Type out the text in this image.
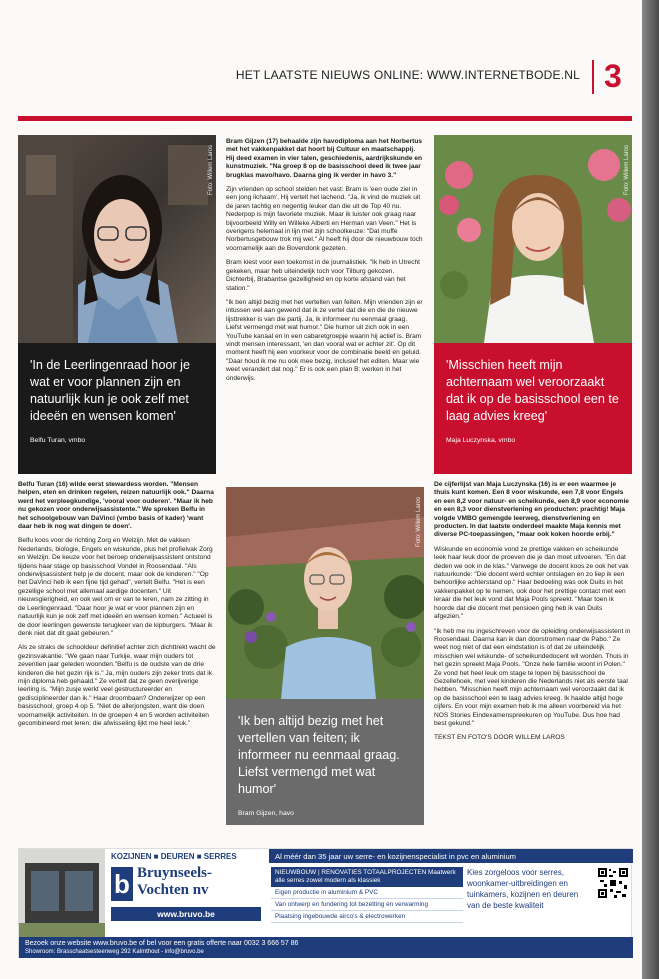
HET LAATSTE NIEUWS ONLINE: WWW.INTERNETBODE.NL 3
Foto: Willem Laros
'In de Leerlingenraad hoor je wat er voor plannen zijn en natuurlijk kun je ook zelf met ideeën en wensen komen'
Belfu Turan, vmbo

Belfu Turan (16) wilde eerst stewardess worden. "Mensen helpen, eten en drinken regelen, reizen natuurlijk ook." Daarna werd het verpleegkundige, 'vooral voor ouderen'. "Maar ik heb nu gekozen voor onderwijsassistente." We spreken Belfu in het schoolgebouw van DaVinci (vmbo basis of kader) 'want daar heb ik nog wat dingen te doen'.

Belfu koos voor de richting Zorg en Welzijn. Met de vakken Nederlands, biologie, Engels en wiskunde, plus het profielvak Zorg en Welzijn. De keuze voor het beroep onderwijsassistent ontstond tijdens haar stage op basisschool Vondel in Roosendaal. "Als onderwijsassistent help je de docent, maar ook de kinderen." "Op het DaVinci heb ik een fijne tijd gehad", vertelt Belfu. "Het is een gezellige school met allemaal aardige docenten." Uit nieuwsgierigheid, en ook wel om er van te leren, nam ze zitting in de Leerlingenraad. "Daar hoor je wat er voor plannen zijn en natuurlijk kun je ook zelf met ideeën en wensen komen." Actueel is de door leerlingen gewenste terugkeer van de kipburgers. "Maar ik denk niet dat dit gaat gebeuren."

Als ze straks de schooldeur definitief achter zich dichttrekt wacht de gezinsvakantie. "We gaan naar Turkije, waar mijn ouders tot zeventien jaar geleden woonden."Belfu is de oudste van de drie kinderen die het gezin rijk is." Ja, mijn ouders zijn zeker trots dat ik mijn diploma heb gehaald." Ze vertelt dat ze geen overijverige leerling is. "Mijn zusje werkt veel gestructureerder en gedisciplineerder dan ik." Haar droombaan? Onderwijzer op een basisschool, groep 4 op 5. "Niet de allerjongsten, want die doen voornamelijk activiteiten. In de groepen 4 en 5 worden activiteiten gecombineerd met leren: die afwisseling lijkt me heel leuk."

Bram Gijzen (17) behaalde zijn havodiploma aan het Norbertus met het vakkenpakket dat hoort bij Cultuur en maatschappij. Hij deed examen in vier talen, geschiedenis, aardrijkskunde en kunstmuziek. "Na groep 8 op de basisschool deed ik twee jaar brugklas mavo/havo. Daarna ging ik verder in havo 3."

Zijn vrienden op school stelden het vast: Bram is 'een oude ziel in een jong lichaam'. Hij vertelt het lachend. "Ja, ik vind de muziek uit de jaren tachtig en negentig leuker dan die uit de Top 40 nu. Nederpop is mijn favoriete muziek. Maar ik luister ook graag naar bijvoorbeeld Willy en Willeke Alberti en Herman van Veen." Het is overigens helemaal in lijn met zijn schoolkeuze: "Dat muffe Norbertusgebouw trok mij wel." Al heeft hij door de nieuwbouw toch voornamelijk aan de Bovendonk gezeten.

Bram kiest voor een toekomst in de journalistiek. "Ik heb in Utrecht gekeken, maar heb uiteindelijk toch voor Tilburg gekozen. Dichterbij, Brabantse gezelligheid en op korte afstand van het station."

"Ik ben altijd bezig met het vertellen van feiten. Mijn vrienden zijn er intussen wel aan gewend dat ik ze vertel dat die en die de nieuwe lijsttrekker is van die partij. Ja, ik informeer nu eenmaal graag. Liefst vermengd met wat humor." Die humor uit zich ook in een YouTube kanaal en in een cabaretgroepje waarin hij actief is. Bram vindt mensen interessant, 'en dan vooral wat er achter zit'. Op dit moment heeft hij een voorkeur voor de combinatie beeld en geluid. "Daar houd ik me nu ook mee bezig, inclusief het editen. Maar wie weet verandert dat nog." Er is ook een plan B: werken in het onderwijs.

Foto: Willem Laros
'Ik ben altijd bezig met het vertellen van feiten; ik informeer nu eenmaal graag. Liefst vermengd met wat humor'
Bram Gijzen, havo
Foto: Willem Laros
'Misschien heeft mijn achternaam wel veroorzaakt dat ik op de basisschool een te laag advies kreeg'
Maja Luczynska, vmbo

De cijferlijst van Maja Luczynska (16) is er een waarmee je thuis kunt komen. Een 8 voor wiskunde, een 7,8 voor Engels en een 8,2 voor natuur- en scheikunde, een 8,9 voor economie en een 8,3 voor dienstverlening en producten: prachtig! Maja volgde VMBO gemengde leerweg, dienstverlening en producten. In dat laatste onderdeel maakte Maja kennis met diverse PC-toepassingen, "maar ook koken hoorde erbij."

Wiskunde en economie vond ze prettige vakken en scheikunde leek haar leuk door de proeven die je dan moet uitvoeren. "En dat deden we ook in de klas." Vanwege de docent koos ze ook het vak natuurkunde: "Die docent werd echter ontslagen en zo liep ik een behoorlijke achterstand op." Haar bedoeling was ook Duits in het vakkenpakket op te nemen, ook door het prettige contact met een leraar die het leuk vond dat Maja Pools spreekt. "Maar toen ik hoorde dat die docent met pensioen ging heb ik van Duits afgezien."

"Ik heb me nu ingeschreven voor de opleiding onderwijsassistent in Roosendaal. Daarna kan ik dan doorstromen naar de Pabo." Ze weet nog niet of dat een eindstation is of dat ze uiteindelijk misschien wel wiskunde- of scheikundedocent wil worden. Thuis in het gezin spreekt Maja Pools. "Onze hele familie woont in Polen." Ze vond het heel leuk om stage te lopen bij basisschool de Gezellehoek, met veel kinderen die Nederlands niet als eerste taal hebben. "Misschien heeft mijn achternaam wel veroorzaakt dat ik op de basisschool een te laag advies kreeg. Ik haalde altijd hoge cijfers. En voor mijn examen heb ik me alleen voorbereid via het NOS Stories Eindexamenspreekuren op YouTube. Dus hoe had best gekund."

TEKST EN FOTO'S DOOR WILLEM LAROS

KOZIJNEN ■ DEUREN ■ SERRES
b Bruynseels-
Vochten nv
www.bruvo.be
Al méér dan 35 jaar uw serre- en kozijnenspecialist in pvc en aluminium
NIEUWBOUW | RENOVATIES TOTAALPROJECTEN Maatwerk alle serres zowel modern als klassiek
Eigen productie in aluminium & PVC
Van ontwerp en fundering tot bezetting en verwarming
Plaatsing ingebouwde airco's & electrowerken
Kies zorgeloos voor serres, woonkamer-uitbreidingen en tuinkamers, kozijnen en deuren van de beste kwaliteit
Bezoek onze website www.bruvo.be of bel voor een gratis offerte naar 0032 3 666 57 86
Showroom: Brasschaatsesteenweg 292 Kalmthout - info@bruvo.be
